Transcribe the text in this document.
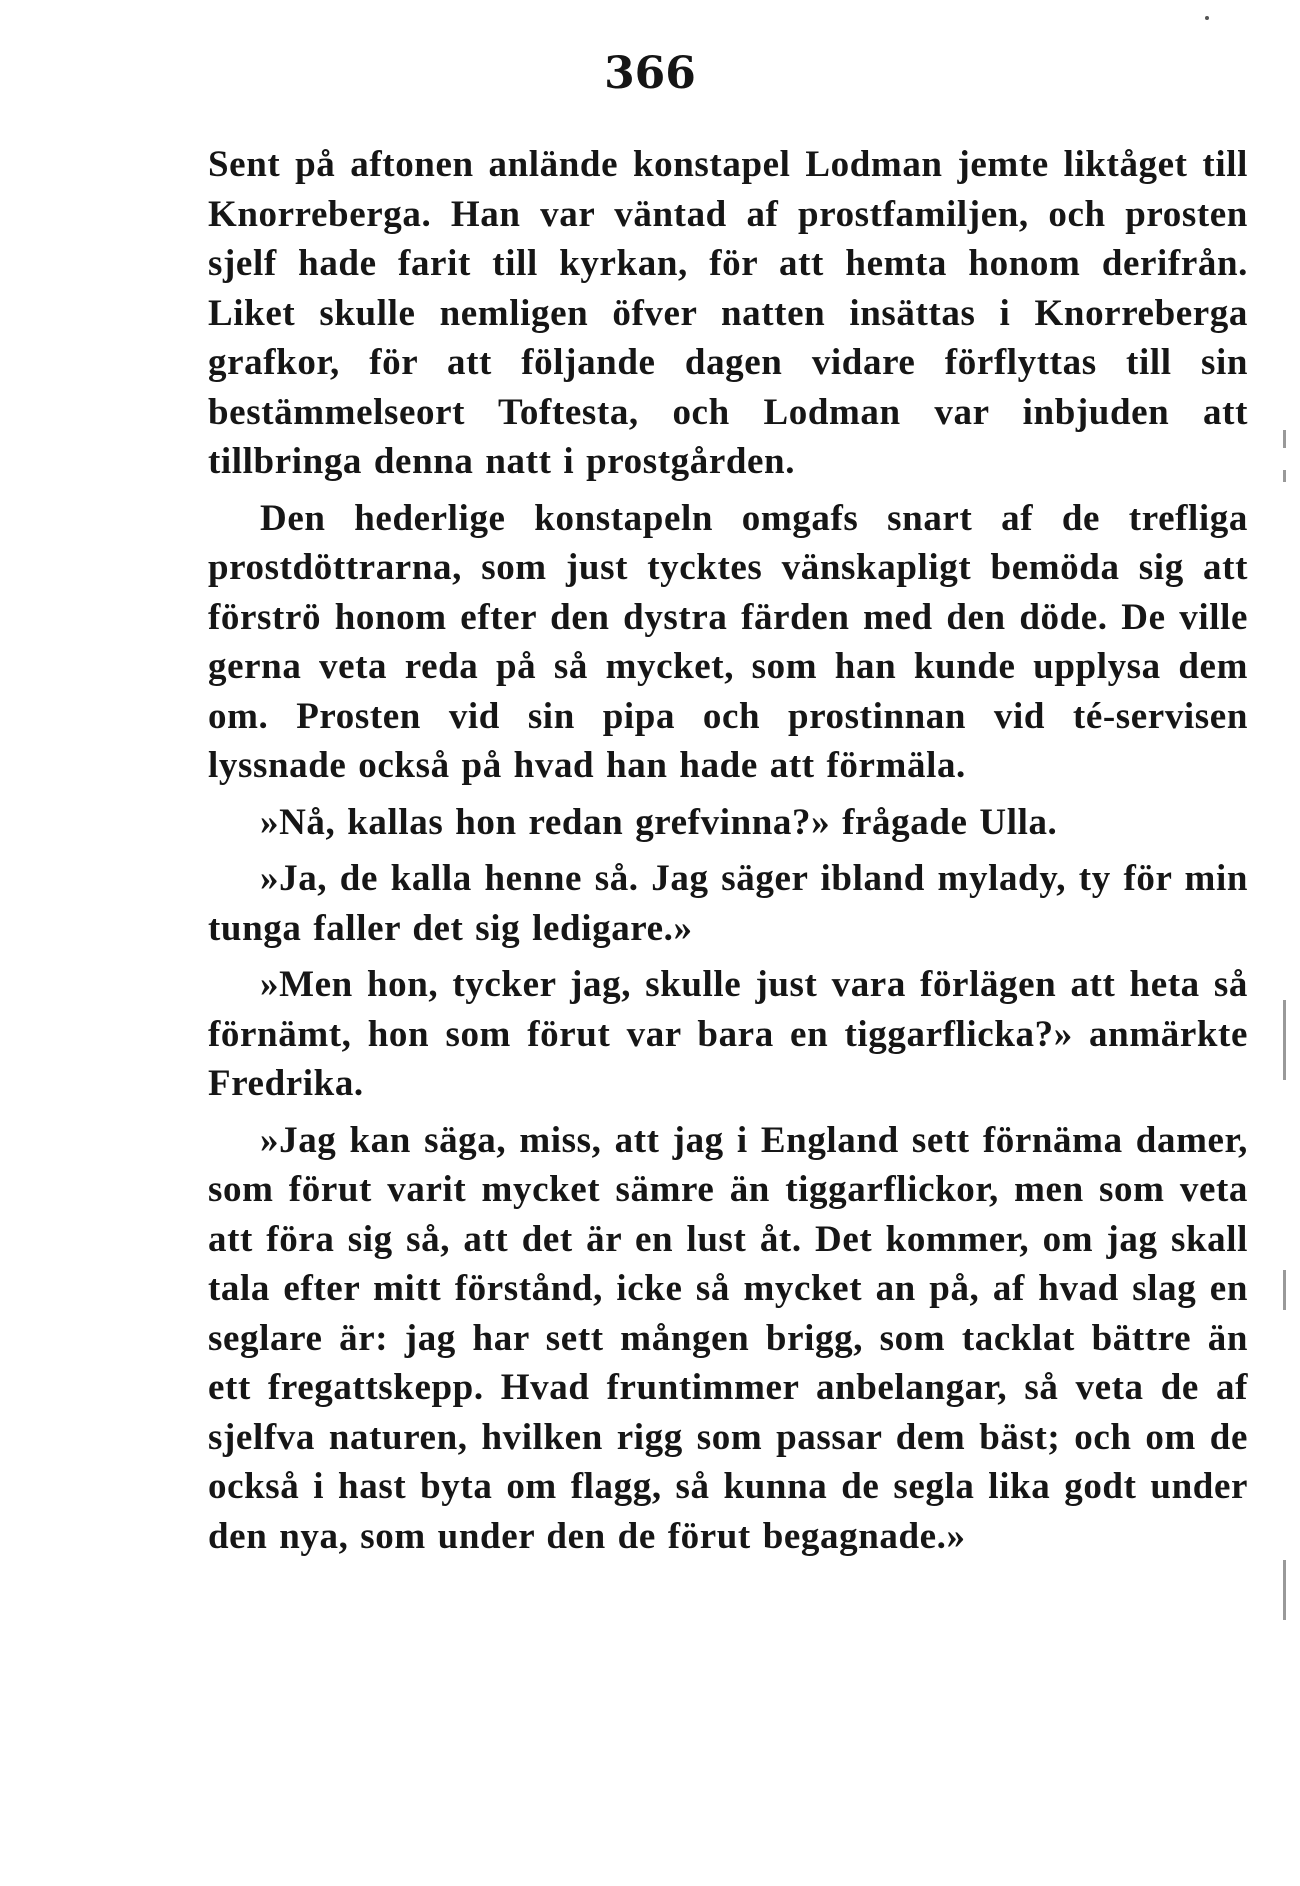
366

Sent på aftonen anlände konstapel Lodman jemte liktåget till Knorreberga. Han var väntad af prostfamiljen, och prosten sjelf hade farit till kyrkan, för att hemta honom derifrån. Liket skulle nemligen öfver natten insättas i Knorreberga grafkor, för att följande dagen vidare förflyttas till sin bestämmelseort Toftesta, och Lodman var inbjuden att tillbringa denna natt i prostgården.

Den hederlige konstapeln omgafs snart af de trefliga prostdöttrarna, som just tycktes vänskapligt bemöda sig att förströ honom efter den dystra färden med den döde. De ville gerna veta reda på så mycket, som han kunde upplysa dem om. Prosten vid sin pipa och prostinnan vid té-servisen lyssnade också på hvad han hade att förmäla.

»Nå, kallas hon redan grefvinna?» frågade Ulla.

»Ja, de kalla henne så. Jag säger ibland mylady, ty för min tunga faller det sig ledigare.»

»Men hon, tycker jag, skulle just vara förlägen att heta så förnämt, hon som förut var bara en tiggarflicka?» anmärkte Fredrika.

»Jag kan säga, miss, att jag i England sett förnäma damer, som förut varit mycket sämre än tiggarflickor, men som veta att föra sig så, att det är en lust åt. Det kommer, om jag skall tala efter mitt förstånd, icke så mycket an på, af hvad slag en seglare är: jag har sett mången brigg, som tacklat bättre än ett fregattskepp. Hvad fruntimmer anbelangar, så veta de af sjelfva naturen, hvilken rigg som passar dem bäst; och om de också i hast byta om flagg, så kunna de segla lika godt under den nya, som under den de förut begagnade.»
